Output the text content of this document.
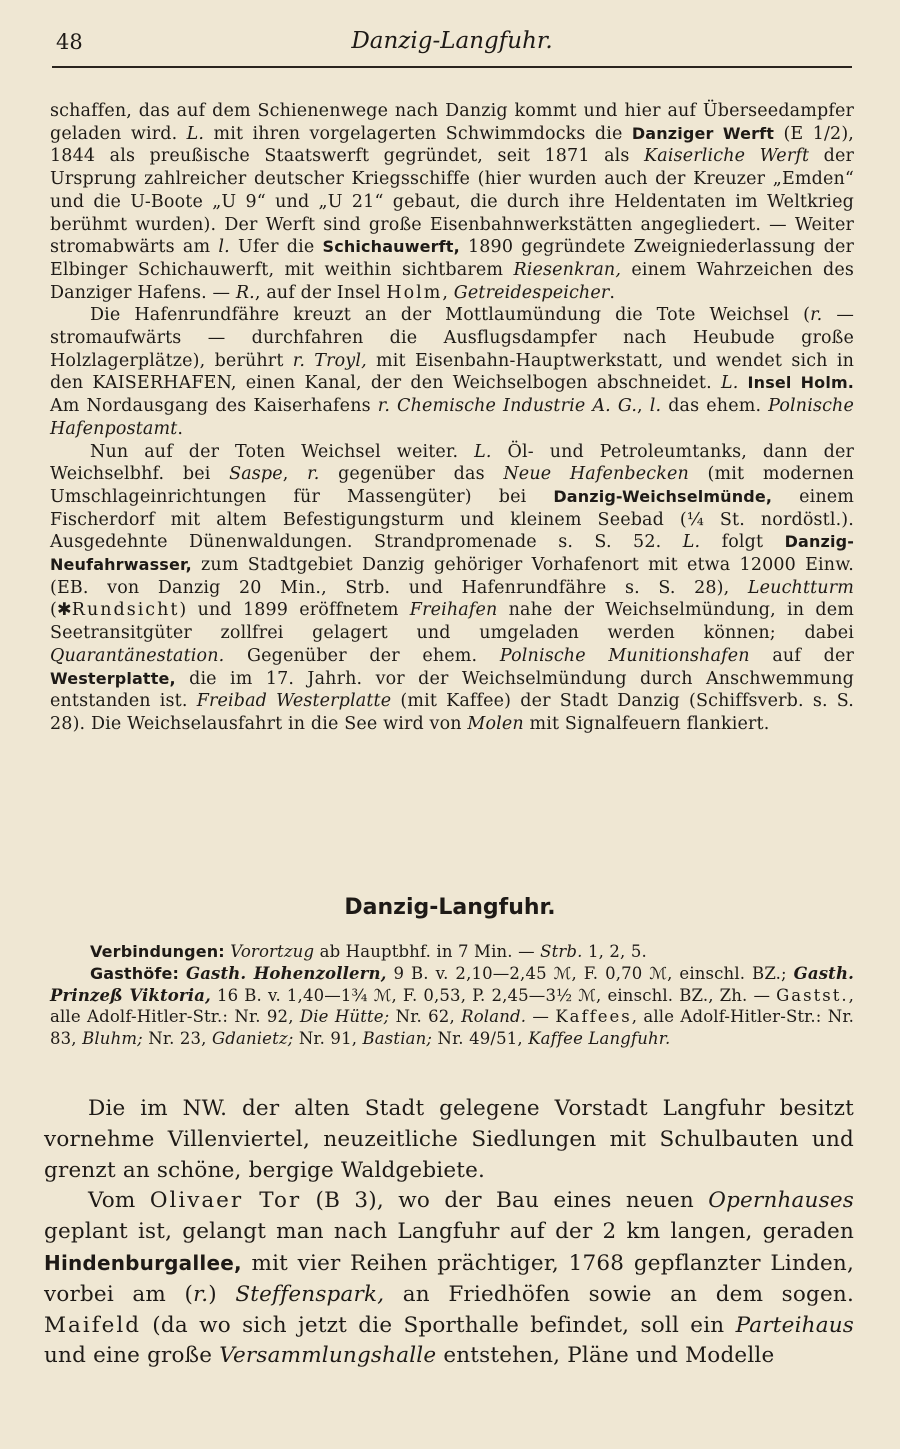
48	Danzig-Langfuhr.

schaffen, das auf dem Schienenwege nach Danzig kommt und hier auf Überseedampfer geladen wird. L. mit ihren vorgelagerten Schwimmdocks die Danziger Werft (E 1/2), 1844 als preußische Staatswerft gegründet, seit 1871 als Kaiserliche Werft der Ursprung zahlreicher deutscher Kriegsschiffe (hier wurden auch der Kreuzer „Emden“ und die U-Boote „U 9“ und „U 21“ gebaut, die durch ihre Heldentaten im Weltkrieg berühmt wurden). Der Werft sind große Eisenbahnwerkstätten angegliedert. — Weiter stromabwärts am l. Ufer die Schichauwerft, 1890 gegründete Zweigniederlassung der Elbinger Schichauwerft, mit weithin sichtbarem Riesenkran, einem Wahrzeichen des Danziger Hafens. — R., auf der Insel Holm, Getreidespeicher.

Die Hafenrundfähre kreuzt an der Mottlaumündung die Tote Weichsel (r. — stromaufwärts — durchfahren die Ausflugsdampfer nach Heubude große Holzlagerplätze), berührt r. Troyl, mit Eisenbahn-Hauptwerkstatt, und wendet sich in den KAISERHAFEN, einen Kanal, der den Weichselbogen abschneidet. L. Insel Holm. Am Nordausgang des Kaiserhafens r. Chemische Industrie A. G., l. das ehem. Polnische Hafenpostamt.

Nun auf der Toten Weichsel weiter. L. Öl- und Petroleumtanks, dann der Weichselbhf. bei Saspe, r. gegenüber das Neue Hafenbecken (mit modernen Umschlageinrichtungen für Massengüter) bei Danzig-Weichselmünde, einem Fischerdorf mit altem Befestigungsturm und kleinem Seebad (¼ St. nordöstl.). Ausgedehnte Dünenwaldungen. Strandpromenade s. S. 52. L. folgt Danzig-Neufahrwasser, zum Stadtgebiet Danzig gehöriger Vorhafenort mit etwa 12000 Einw. (EB. von Danzig 20 Min., Strb. und Hafenrundfähre s. S. 28), Leuchtturm (✱Rundsicht) und 1899 eröffnetem Freihafen nahe der Weichselmündung, in dem Seetransitgüter zollfrei gelagert und umgeladen werden können; dabei Quarantänestation. Gegenüber der ehem. Polnische Munitionshafen auf der Westerplatte, die im 17. Jahrh. vor der Weichselmündung durch Anschwemmung entstanden ist. Freibad Westerplatte (mit Kaffee) der Stadt Danzig (Schiffsverb. s. S. 28). Die Weichselausfahrt in die See wird von Molen mit Signalfeuern flankiert.

Danzig-Langfuhr.

Verbindungen: Vorortzug ab Hauptbhf. in 7 Min. — Strb. 1, 2, 5.

Gasthöfe: Gasth. Hohenzollern, 9 B. v. 2,10—2,45 ℳ, F. 0,70 ℳ, einschl. BZ.; Gasth. Prinzeß Viktoria, 16 B. v. 1,40—1¾ ℳ, F. 0,53, P. 2,45—3½ ℳ, einschl. BZ., Zh. — Gastst., alle Adolf-Hitler-Str.: Nr. 92, Die Hütte; Nr. 62, Roland. — Kaffees, alle Adolf-Hitler-Str.: Nr. 83, Bluhm; Nr. 23, Gdanietz; Nr. 91, Bastian; Nr. 49/51, Kaffee Langfuhr.

Die im NW. der alten Stadt gelegene Vorstadt Langfuhr besitzt vornehme Villenviertel, neuzeitliche Siedlungen mit Schulbauten und grenzt an schöne, bergige Waldgebiete.

Vom Olivaer Tor (B 3), wo der Bau eines neuen Opernhauses geplant ist, gelangt man nach Langfuhr auf der 2 km langen, geraden Hindenburgallee, mit vier Reihen prächtiger, 1768 gepflanzter Linden, vorbei am (r.) Steffenspark, an Friedhöfen sowie an dem sogen. Maifeld (da wo sich jetzt die Sporthalle befindet, soll ein Parteihaus und eine große Versammlungshalle entstehen, Pläne und Modelle
